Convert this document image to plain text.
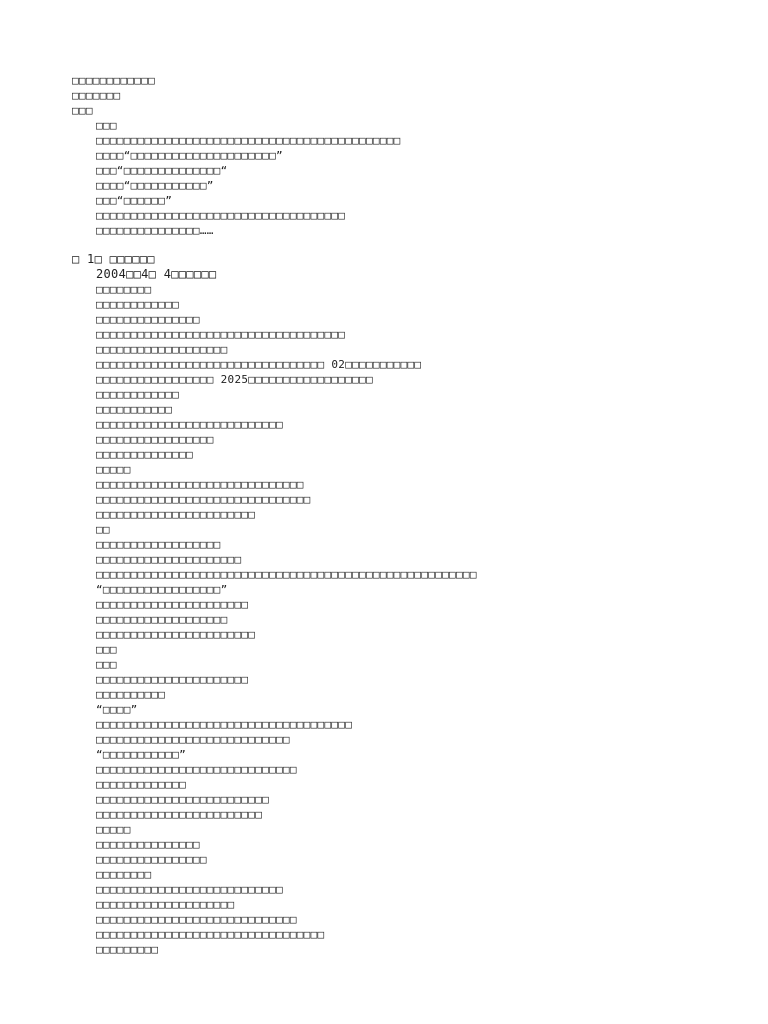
□□□□□□□□□□□□
□□□□□□□
□□□
□□□
□□□□□□□□□□□□□□□□□□□□□□□□□□□□□□□□□□□□□□□□□□□□
□□□□“□□□□□□□□□□□□□□□□□□□□□”
□□□“□□□□□□□□□□□□□□“
□□□□“□□□□□□□□□□□”
□□□“□□□□□□”
□□□□□□□□□□□□□□□□□□□□□□□□□□□□□□□□□□□□
□□□□□□□□□□□□□□□……
□ 1□ □□□□□□
2004□□4□ 4□□□□□□
□□□□□□□□
□□□□□□□□□□□□
□□□□□□□□□□□□□□□
□□□□□□□□□□□□□□□□□□□□□□□□□□□□□□□□□□□□
□□□□□□□□□□□□□□□□□□□
□□□□□□□□□□□□□□□□□□□□□□□□□□□□□□□□□ 02□□□□□□□□□□□
□□□□□□□□□□□□□□□□□ 2025□□□□□□□□□□□□□□□□□□
□□□□□□□□□□□□
□□□□□□□□□□□
□□□□□□□□□□□□□□□□□□□□□□□□□□□
□□□□□□□□□□□□□□□□□
□□□□□□□□□□□□□□
□□□□□
□□□□□□□□□□□□□□□□□□□□□□□□□□□□□□
□□□□□□□□□□□□□□□□□□□□□□□□□□□□□□□
□□□□□□□□□□□□□□□□□□□□□□□
□□
□□□□□□□□□□□□□□□□□□
□□□□□□□□□□□□□□□□□□□□□
□□□□□□□□□□□□□□□□□□□□□□□□□□□□□□□□□□□□□□□□□□□□□□□□□□□□□□□
“□□□□□□□□□□□□□□□□□”
□□□□□□□□□□□□□□□□□□□□□□
□□□□□□□□□□□□□□□□□□□
□□□□□□□□□□□□□□□□□□□□□□□
□□□
□□□
□□□□□□□□□□□□□□□□□□□□□□
□□□□□□□□□□
“□□□□”
□□□□□□□□□□□□□□□□□□□□□□□□□□□□□□□□□□□□□
□□□□□□□□□□□□□□□□□□□□□□□□□□□□
“□□□□□□□□□□□”
□□□□□□□□□□□□□□□□□□□□□□□□□□□□□
□□□□□□□□□□□□□
□□□□□□□□□□□□□□□□□□□□□□□□□
□□□□□□□□□□□□□□□□□□□□□□□□
□□□□□
□□□□□□□□□□□□□□□
□□□□□□□□□□□□□□□□
□□□□□□□□
□□□□□□□□□□□□□□□□□□□□□□□□□□□
□□□□□□□□□□□□□□□□□□□□
□□□□□□□□□□□□□□□□□□□□□□□□□□□□□
□□□□□□□□□□□□□□□□□□□□□□□□□□□□□□□□□
□□□□□□□□□
